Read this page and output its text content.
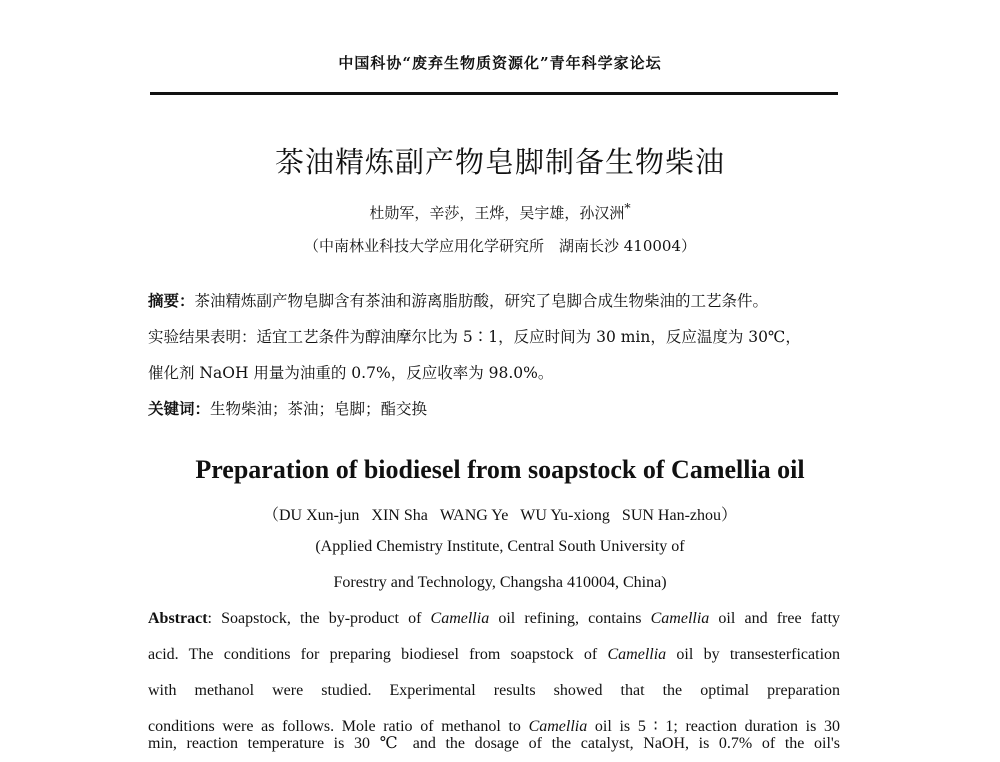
中国科协“废弃生物质资源化”青年科学家论坛
茶油精炼副产物皂脚制备生物柴油
杜勋军，辛莎，王烨，吴宇雄，孙汉洲*
（中南林业科技大学应用化学研究所　湖南长沙 410004）

摘要：茶油精炼副产物皂脚含有茶油和游离脂肪酸，研究了皂脚合成生物柴油的工艺条件。

实验结果表明：适宜工艺条件为醇油摩尔比为 5∶1，反应时间为 30 min，反应温度为 30℃，

催化剂 NaOH 用量为油重的 0.7%，反应收率为 98.0%。

关键词：生物柴油；茶油；皂脚；酯交换

Preparation of biodiesel from soapstock of Camellia oil
（DU Xun-jun XIN Sha WANG Ye WU Yu-xiong SUN Han-zhou）
(Applied Chemistry Institute, Central South University of
Forestry and Technology, Changsha 410004, China)

Abstract: Soapstock, the by-product of Camellia oil refining, contains Camellia oil and free fatty

acid. The conditions for preparing biodiesel from soapstock of Camellia oil by transesterfication

with methanol were studied. Experimental results showed that the optimal preparation

conditions were as follows. Mole ratio of methanol to Camellia oil is 5 ∶ 1; reaction duration is 30

min, reaction temperature is 30 ℃ and the dosage of the catalyst, NaOH, is 0.7% of the oil's
